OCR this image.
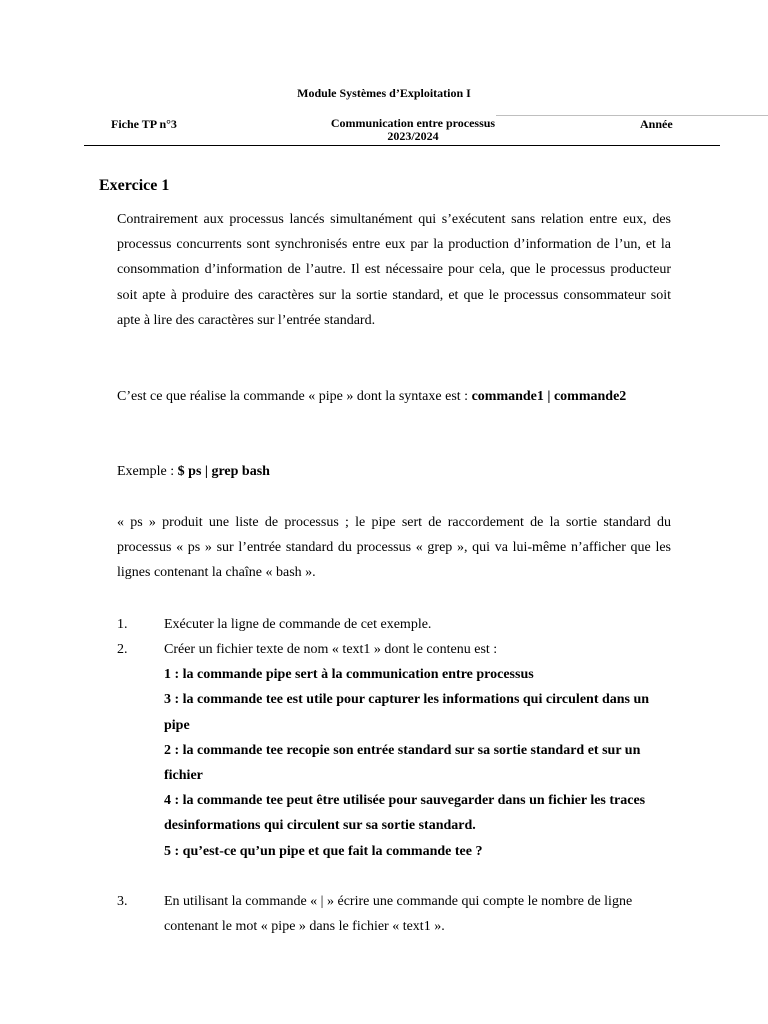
Module Systèmes d’Exploitation I
Fiche TP n°3	Communication entre processus
2023/2024
Année
Exercice 1
Contrairement aux processus lancés simultanément qui s’exécutent sans relation entre eux, des processus concurrents sont synchronisés entre eux par la production d’information de l’un, et la consommation d’information de l’autre. Il est nécessaire pour cela, que le processus producteur soit apte à produire des caractères sur la sortie standard, et que le processus consommateur soit apte à lire des caractères sur l’entrée standard.
C’est ce que réalise la commande « pipe » dont la syntaxe est : commande1 | commande2
Exemple : $ ps | grep bash
« ps » produit une liste de processus ; le pipe sert de raccordement de la sortie standard du processus « ps » sur l’entrée standard du processus « grep », qui va lui-même n’afficher que les lignes contenant la chaîne « bash ».
1.	Exécuter la ligne de commande de cet exemple.
2.	Créer un fichier texte de nom « text1 » dont le contenu est :
1 : la commande pipe sert à la communication entre processus
3 : la commande tee est utile pour capturer les informations qui circulent dans un pipe
2 : la commande tee recopie son entrée standard sur sa sortie standard et sur un fichier
4 : la commande tee peut être utilisée pour sauvegarder dans un fichier les traces desinformations qui circulent sur sa sortie standard.
5 : qu’est-ce qu’un pipe et que fait la commande tee ?
3.	En utilisant la commande « | » écrire une commande qui compte le nombre de ligne contenant le mot « pipe » dans le fichier « text1 ».
